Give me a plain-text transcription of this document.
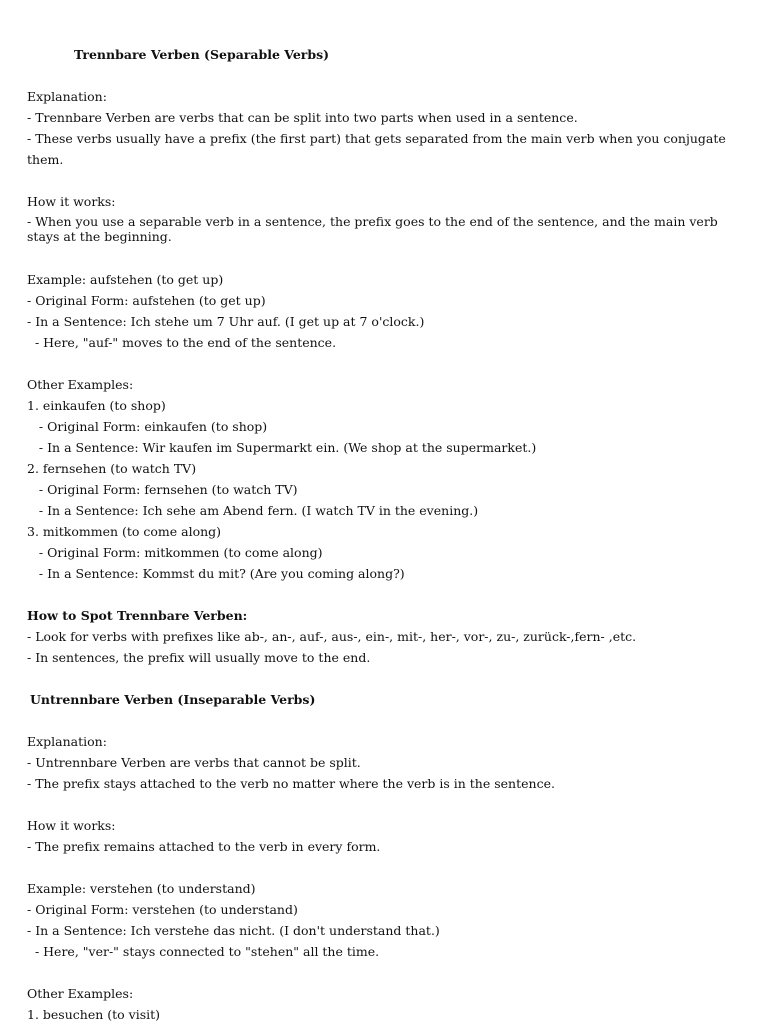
Trennbare Verben (Separable Verbs)
Explanation:
- Trennbare Verben are verbs that can be split into two parts when used in a sentence.
- These verbs usually have a prefix (the first part) that gets separated from the main verb when you conjugate them.
How it works:
- When you use a separable verb in a sentence, the prefix goes to the end of the sentence, and the main verb stays at the beginning.
Example: aufstehen (to get up)
- Original Form: aufstehen (to get up)
- In a Sentence: Ich stehe um 7 Uhr auf. (I get up at 7 o'clock.)
- Here, "auf-" moves to the end of the sentence.
Other Examples:
1. einkaufen (to shop)
- Original Form: einkaufen (to shop)
- In a Sentence: Wir kaufen im Supermarkt ein. (We shop at the supermarket.)
2. fernsehen (to watch TV)
- Original Form: fernsehen (to watch TV)
- In a Sentence: Ich sehe am Abend fern. (I watch TV in the evening.)
3. mitkommen (to come along)
- Original Form: mitkommen (to come along)
- In a Sentence: Kommst du mit? (Are you coming along?)
How to Spot Trennbare Verben:
- Look for verbs with prefixes like ab-, an-, auf-, aus-, ein-, mit-, her-, vor-, zu-, zurück-,fern- ,etc.
- In sentences, the prefix will usually move to the end.
Untrennbare Verben (Inseparable Verbs)
Explanation:
- Untrennbare Verben are verbs that cannot be split.
- The prefix stays attached to the verb no matter where the verb is in the sentence.
How it works:
- The prefix remains attached to the verb in every form.
Example: verstehen (to understand)
- Original Form: verstehen (to understand)
- In a Sentence: Ich verstehe das nicht. (I don't understand that.)
- Here, "ver-" stays connected to "stehen" all the time.
Other Examples:
1. besuchen (to visit)
